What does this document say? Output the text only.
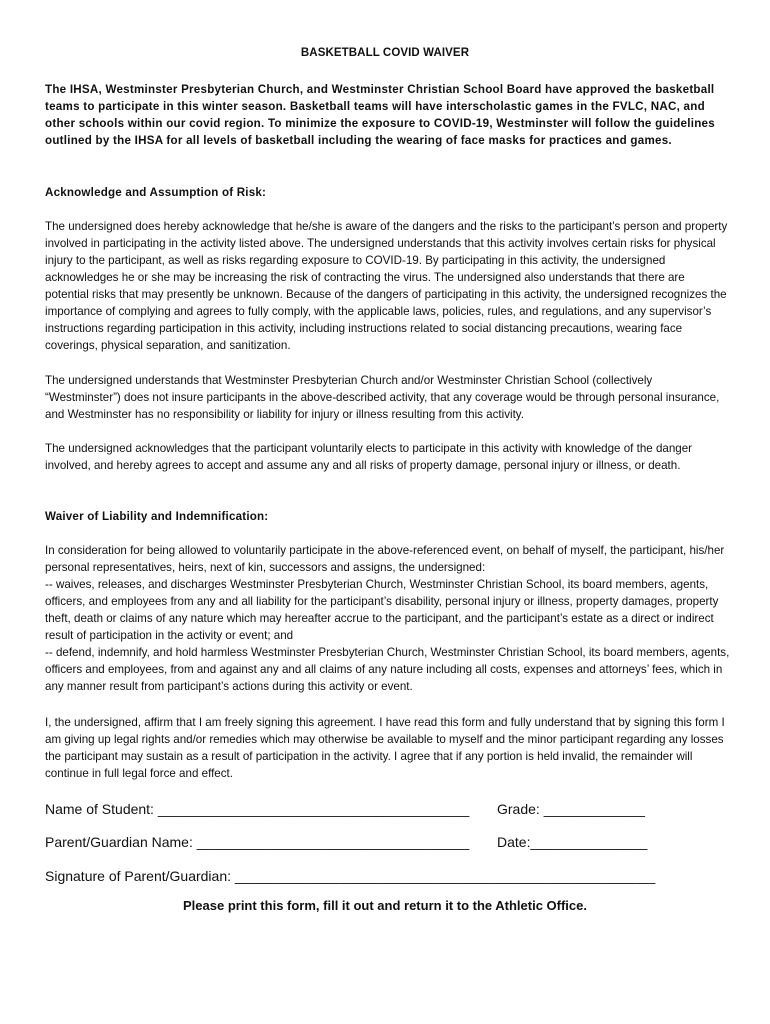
BASKETBALL COVID WAIVER

The IHSA, Westminster Presbyterian Church, and Westminster Christian School Board have approved the basketball teams to participate in this winter season. Basketball teams will have interscholastic games in the FVLC, NAC, and other schools within our covid region. To minimize the exposure to COVID-19, Westminster will follow the guidelines outlined by the IHSA for all levels of basketball including the wearing of face masks for practices and games.

Acknowledge and Assumption of Risk:

The undersigned does hereby acknowledge that he/she is aware of the dangers and the risks to the participant’s person and property involved in participating in the activity listed above. The undersigned understands that this activity involves certain risks for physical injury to the participant, as well as risks regarding exposure to COVID-19. By participating in this activity, the undersigned acknowledges he or she may be increasing the risk of contracting the virus. The undersigned also understands that there are potential risks that may presently be unknown. Because of the dangers of participating in this activity, the undersigned recognizes the importance of complying and agrees to fully comply, with the applicable laws, policies, rules, and regulations, and any supervisor’s instructions regarding participation in this activity, including instructions related to social distancing precautions, wearing face coverings, physical separation, and sanitization.

The undersigned understands that Westminster Presbyterian Church and/or Westminster Christian School (collectively “Westminster”) does not insure participants in the above-described activity, that any coverage would be through personal insurance, and Westminster has no responsibility or liability for injury or illness resulting from this activity.

The undersigned acknowledges that the participant voluntarily elects to participate in this activity with knowledge of the danger involved, and hereby agrees to accept and assume any and all risks of property damage, personal injury or illness, or death.

Waiver of Liability and Indemnification:

In consideration for being allowed to voluntarily participate in the above-referenced event, on behalf of myself, the participant, his/her personal representatives, heirs, next of kin, successors and assigns, the undersigned:
-- waives, releases, and discharges Westminster Presbyterian Church, Westminster Christian School, its board members, agents, officers, and employees from any and all liability for the participant’s disability, personal injury or illness, property damages, property theft, death or claims of any nature which may hereafter accrue to the participant, and the participant’s estate as a direct or indirect result of participation in the activity or event; and
-- defend, indemnify, and hold harmless Westminster Presbyterian Church, Westminster Christian School, its board members, agents, officers and employees, from and against any and all claims of any nature including all costs, expenses and attorneys’ fees, which in any manner result from participant’s actions during this activity or event.

I, the undersigned, affirm that I am freely signing this agreement. I have read this form and fully understand that by signing this form I am giving up legal rights and/or remedies which may otherwise be available to myself and the minor participant regarding any losses the participant may sustain as a result of participation in the activity. I agree that if any portion is held invalid, the remainder will continue in full legal force and effect.

Name of Student: ________________________________________ Grade: _____________
Parent/Guardian Name: ___________________________________ Date:_______________
Signature of Parent/Guardian: ______________________________________________________
Please print this form, fill it out and return it to the Athletic Office.
